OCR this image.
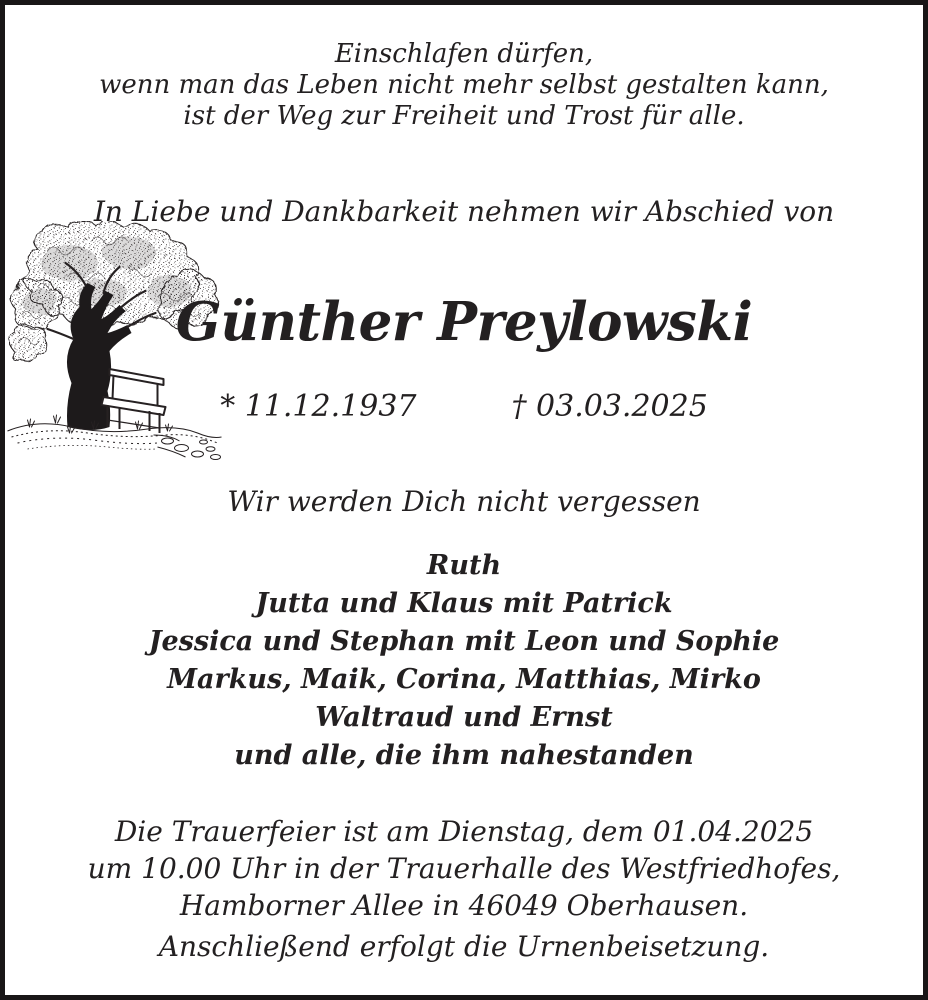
Einschlafen dürfen,
wenn man das Leben nicht mehr selbst gestalten kann,
ist der Weg zur Freiheit und Trost für alle.
In Liebe und Dankbarkeit nehmen wir Abschied von
Günther Preylowski
* 11.12.1937	† 03.03.2025
Wir werden Dich nicht vergessen
Ruth
Jutta und Klaus mit Patrick
Jessica und Stephan mit Leon und Sophie
Markus, Maik, Corina, Matthias, Mirko
Waltraud und Ernst
und alle, die ihm nahestanden
Die Trauerfeier ist am Dienstag, dem 01.04.2025
um 10.00 Uhr in der Trauerhalle des Westfriedhofes,
Hamborner Allee in 46049 Oberhausen.
Anschließend erfolgt die Urnenbeisetzung.
